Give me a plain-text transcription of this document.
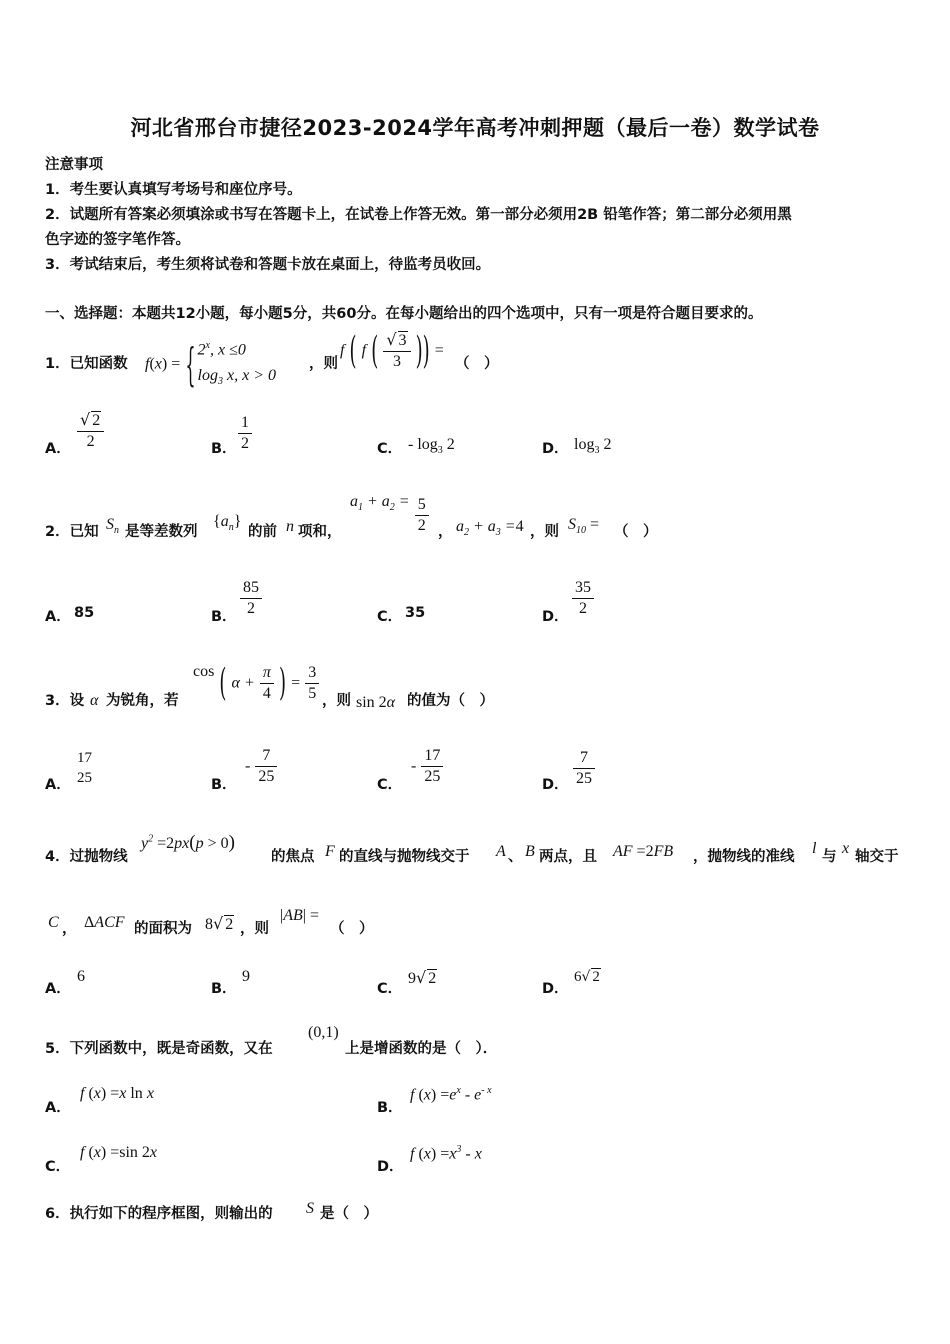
河北省邢台市捷径2023-2024学年高考冲刺押题（最后一卷）数学试卷
注意事项
1．考生要认真填写考场号和座位序号。
2．试题所有答案必须填涂或书写在答题卡上，在试卷上作答无效。第一部分必须用2B 铅笔作答；第二部分必须用黑
色字迹的签字笔作答。
3．考试结束后，考生须将试卷和答题卡放在桌面上，待监考员收回。
一、选择题：本题共12小题，每小题5分，共60分。在每小题给出的四个选项中，只有一项是符合题目要求的。
1．已知函数 f(x) = { 2$^x$, x ≤0
$\log_3 x$, x > 0
，则
f ( f ( $\frac{√ 3}{3}$ )) =
（　）
A． $\frac{√ 2}{2}$	B． $\frac{1}{2}$	C． - $\log_3 2$	D． $\log_3 2$
2．已知 $S_n$ 是等差数列
$\{a_n\}$
的前 n 项和，
$a_1 + a_2 = \frac{5}{2}$ ， $a_2 + a_3 =4$ ，则 $S_{10}$ = （　）
A． 85	B． $\frac{85}{2}$	C． 35	D． $\frac{35}{2}$
3．设 α 为锐角，若
cos ( $\alpha + \frac{\pi}{4}$ ) = $\frac{3}{5}$ ，则 sin 2α 的值为（　）
A．
17
25	B．
- $\frac{7}{25}$	C．
- $\frac{17}{25}$	D． $\frac{7}{25}$
4．过抛物线
$y^2 =2px(p > 0)$
的焦点 F 的直线与抛物线交于 A 、 B 两点，且 AF =2FB ，抛物线的准线 l 与 x 轴交于
C ， ΔACF 的面积为 8√ 2 ，则
|AB| =
（　）
A．
6
B．
9
C．
9√ 2
D．
6√ 2
5．下列函数中，既是奇函数，又在
(0,1)
上是增函数的是（　）．
A．
f (x) =x ln x
B．
f $(x) =e^x - e^{- x}$
C．
f (x) =sin 2x
D．
f $(x) =x^3 - x$
6．执行如下的程序框图，则输出的 S 是（　）
